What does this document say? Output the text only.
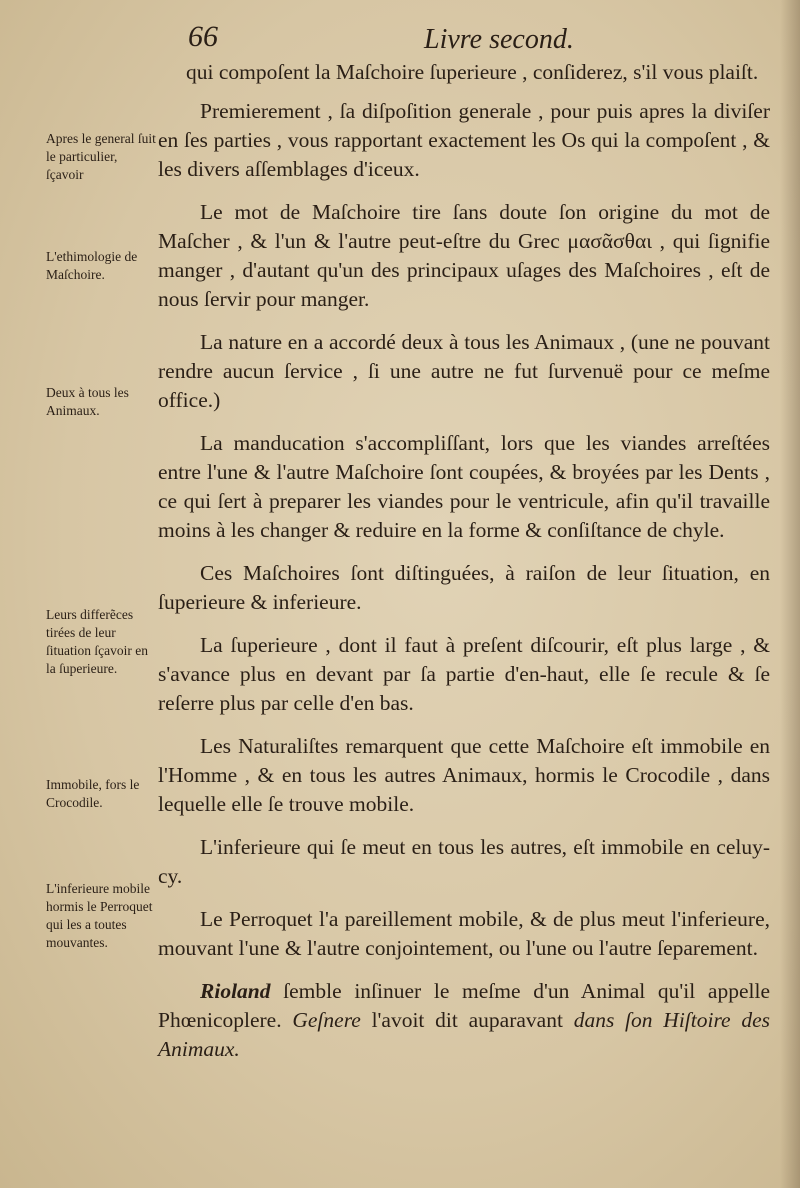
66	Livre second.

qui compoſent la Maſchoire ſuperieure , conſiderez, s'il vous plaiſt.

Premierement , ſa diſpoſition generale , pour puis apres la diviſer en ſes parties , vous rapportant exactement les Os qui la compoſent , & les divers aſſemblages d'iceux.

Le mot de Maſchoire tire ſans doute ſon origine du mot de Maſcher , & l'un & l'autre peut-eſtre du Grec μασᾶσθαι , qui ſignifie manger , d'autant qu'un des principaux uſages des Maſchoires , eſt de nous ſervir pour manger.

La nature en a accordé deux à tous les Animaux , (une ne pouvant rendre aucun ſervice , ſi une autre ne fut ſurvenuë pour ce meſme office.)

La manducation s'accompliſſant, lors que les viandes arreſtées entre l'une & l'autre Maſchoire ſont coupées, & broyées par les Dents , ce qui ſert à preparer les viandes pour le ventricule, afin qu'il travaille moins à les changer & reduire en la forme & conſiſtance de chyle.

Ces Maſchoires ſont diſtinguées, à raiſon de leur ſituation, en ſuperieure & inferieure.

La ſuperieure , dont il faut à preſent diſcourir, eſt plus large , & s'avance plus en devant par ſa partie d'en-haut, elle ſe recule & ſe reſerre plus par celle d'en bas.

Les Naturaliſtes remarquent que cette Maſchoire eſt immobile en l'Homme , & en tous les autres Animaux, hormis le Crocodile , dans lequelle elle ſe trouve mobile.

L'inferieure qui ſe meut en tous les autres, eſt immobile en celuy-cy.

Le Perroquet l'a pareillement mobile, & de plus meut l'inferieure, mouvant l'une & l'autre conjointement, ou l'une ou l'autre ſeparement.

Rioland ſemble inſinuer le meſme d'un Animal qu'il appelle Phœnicoplere. Geſnere l'avoit dit auparavant dans ſon Hiſtoire des Animaux.

Apres le general ſuit le particulier, ſçavoir
L'ethimologie de Maſchoire.
Deux à tous les Animaux.
Leurs differẽces tirées de leur ſituation ſçavoir en la ſuperieure.
Immobile, fors le Crocodile.
L'inferieure mobile hormis le Perroquet qui les a toutes mouvantes.
